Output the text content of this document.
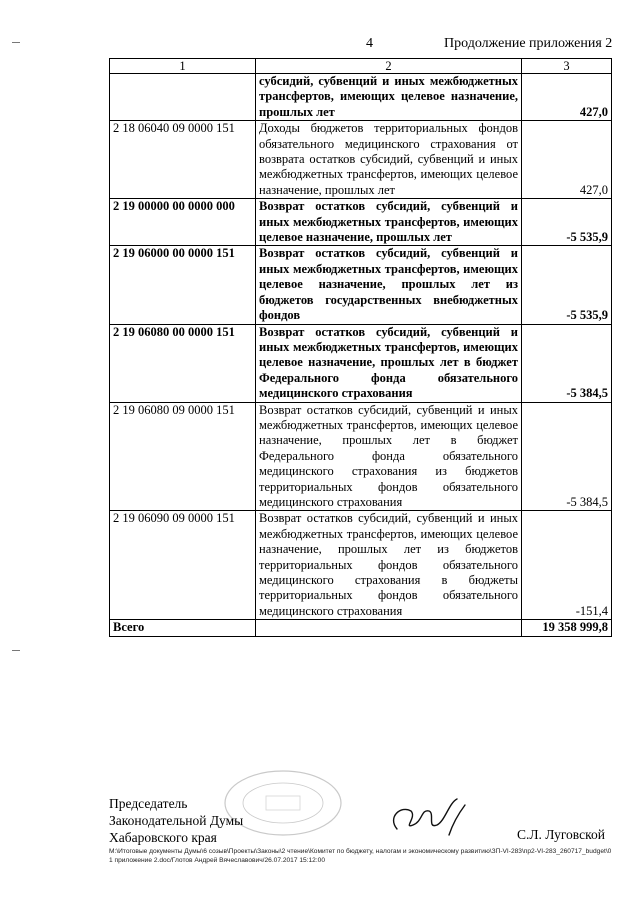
4	Продолжение приложения 2
1	2	3
	субсидий, субвенций и иных межбюджетных трансфертов, имеющих целевое назначение, прошлых лет	427,0
2 18 06040 09 0000 151	Доходы бюджетов территориальных фондов обязательного медицинского страхования от возврата остатков субсидий, субвенций и иных межбюджетных трансфертов, имеющих целевое назначение, прошлых лет	427,0
2 19 00000 00 0000 000	Возврат остатков субсидий, субвенций и иных межбюджетных трансфертов, имеющих целевое назначение, прошлых лет	-5 535,9
2 19 06000 00 0000 151	Возврат остатков субсидий, субвенций и иных межбюджетных трансфертов, имеющих целевое назначение, прошлых лет из бюджетов государственных внебюджетных фондов	-5 535,9
2 19 06080 00 0000 151	Возврат остатков субсидий, субвенций и иных межбюджетных трансфертов, имеющих целевое назначение, прошлых лет в бюджет Федерального фонда обязательного медицинского страхования	-5 384,5
2 19 06080 09 0000 151	Возврат остатков субсидий, субвенций и иных межбюджетных трансфертов, имеющих целевое назначение, прошлых лет в бюджет Федерального фонда обязательного медицинского страхования из бюджетов территориальных фондов обязательного медицинского страхования	-5 384,5
2 19 06090 09 0000 151	Возврат остатков субсидий, субвенций и иных межбюджетных трансфертов, имеющих целевое назначение, прошлых лет из бюджетов территориальных фондов обязательного медицинского страхования в бюджеты территориальных фондов обязательного медицинского страхования	-151,4
Всего		19 358 999,8
Председатель
Законодательной Думы
Хабаровского края	С.Л. Луговской
M:\Итоговые документы Думы\6 созыв\Проекты\Законы\2 чтение\Комитет по бюджету, налогам и экономическому развитию\ЗП-VI-283\пр2-VI-283_260717_budget\01 приложение 2.doc/Глотов Андрей Вячеславович/26.07.2017 15:12:00
